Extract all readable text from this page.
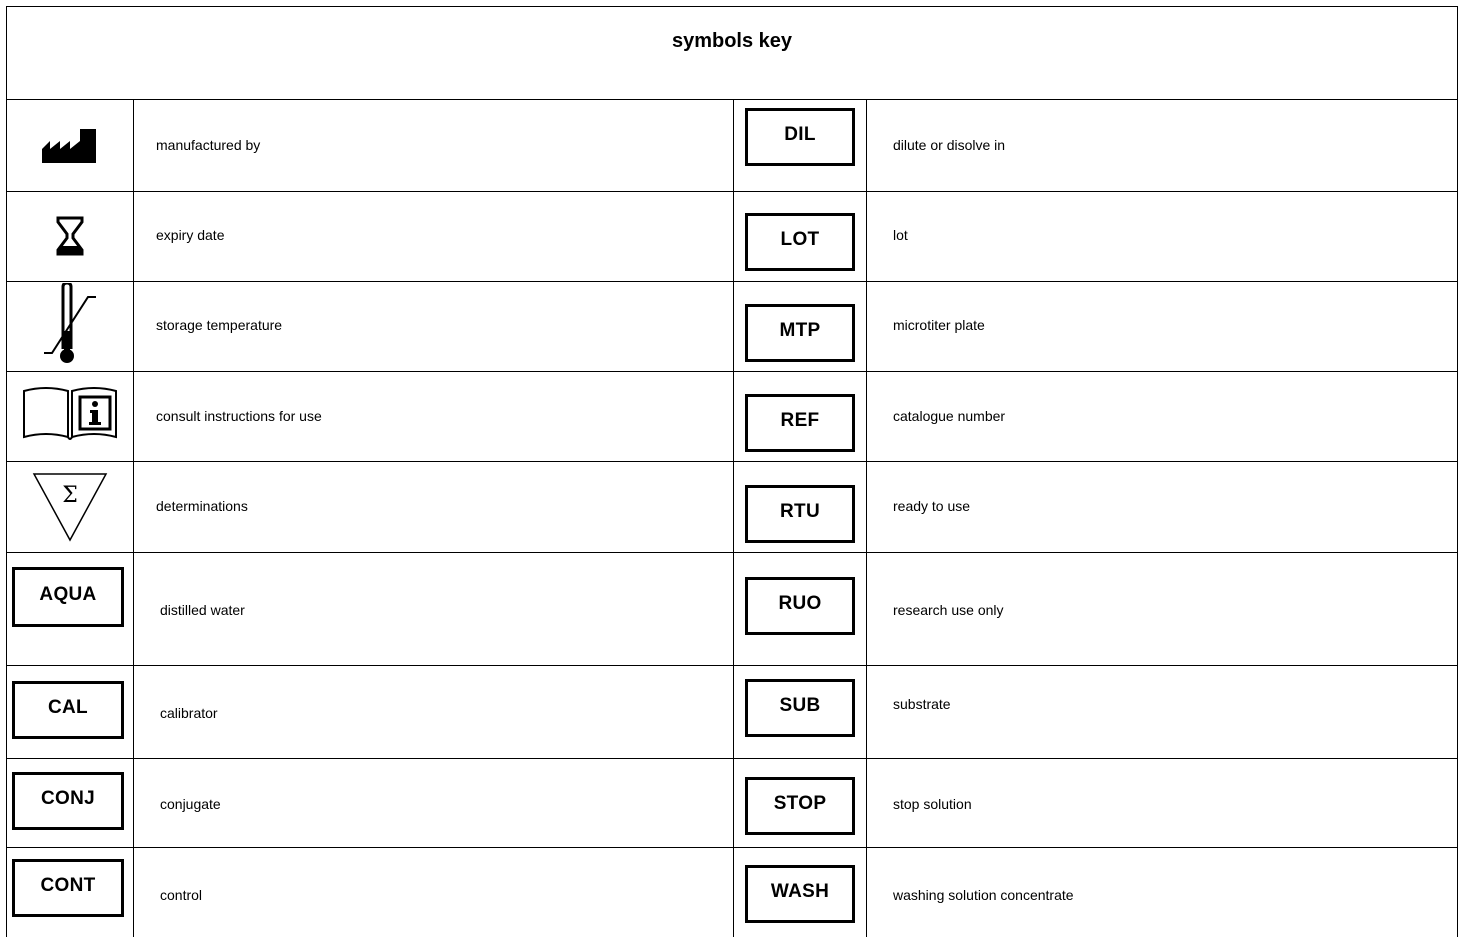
symbols key
Σ
AQUA
CAL
CONJ
CONT
manufactured by
expiry date
storage temperature
consult instructions for use
determinations
distilled water
calibrator
conjugate
control
DIL
LOT
MTP
REF
RTU
RUO
SUB
STOP
WASH
dilute or disolve in
lot
microtiter plate
catalogue number
ready to use
research use only
substrate
stop solution
washing solution concentrate
